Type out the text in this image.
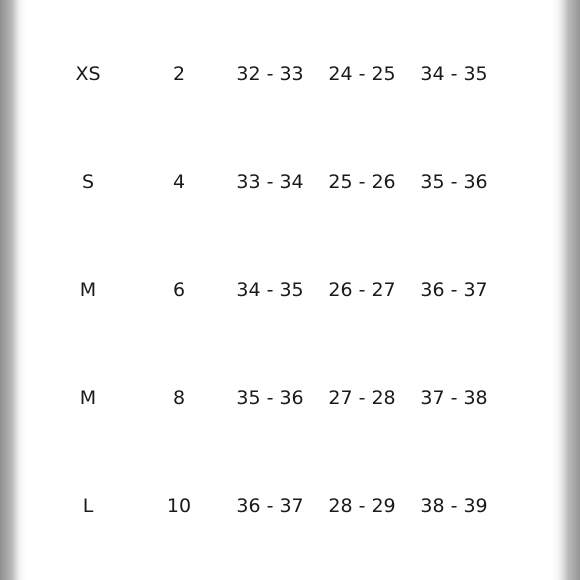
XS	2	32 - 33 24 - 25 34 - 35
S	4	33 - 34 25 - 26 35 - 36
M	6	34 - 35 26 - 27 36 - 37
M	8	35 - 36 27 - 28 37 - 38
L	10 36 - 37 28 - 29 38 - 39
